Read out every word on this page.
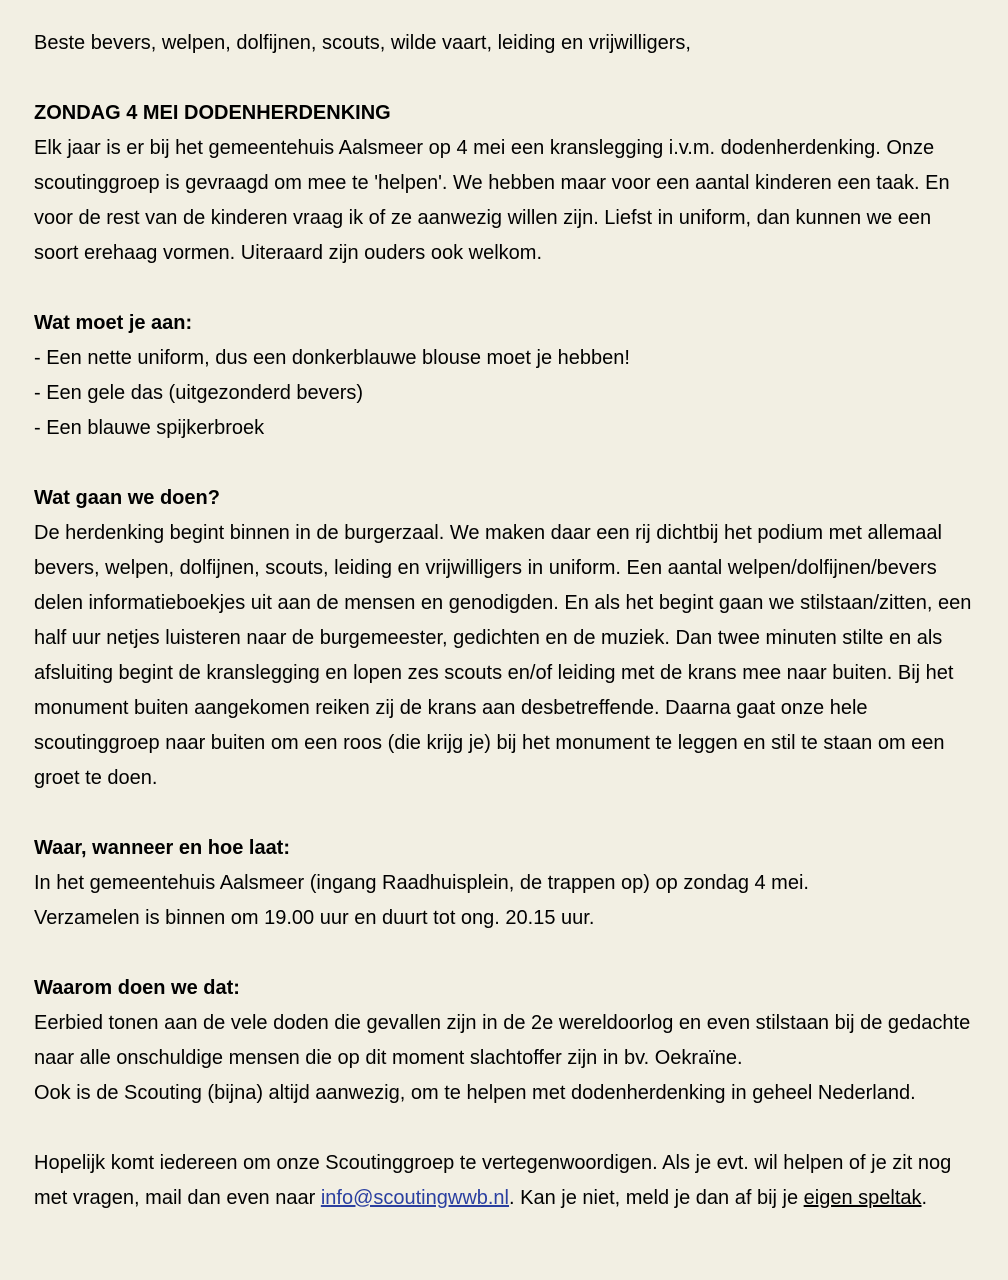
Beste bevers, welpen, dolfijnen, scouts, wilde vaart, leiding en vrijwilligers,

ZONDAG 4 MEI DODENHERDENKING

Elk jaar is er bij het gemeentehuis Aalsmeer op 4 mei een kranslegging i.v.m. dodenherdenking. Onze scoutinggroep is gevraagd om mee te 'helpen'. We hebben maar voor een aantal kinderen een taak. En voor de rest van de kinderen vraag ik of ze aanwezig willen zijn. Liefst in uniform, dan kunnen we een soort erehaag vormen. Uiteraard zijn ouders ook welkom.

Wat moet je aan:

- Een nette uniform, dus een donkerblauwe blouse moet je hebben!

- Een gele das (uitgezonderd bevers)

- Een blauwe spijkerbroek

Wat gaan we doen?

De herdenking begint binnen in de burgerzaal. We maken daar een rij dichtbij het podium met allemaal bevers, welpen, dolfijnen, scouts, leiding en vrijwilligers in uniform. Een aantal welpen/dolfijnen/bevers delen informatieboekjes uit aan de mensen en genodigden. En als het begint gaan we stilstaan/zitten, een half uur netjes luisteren naar de burgemeester, gedichten en de muziek. Dan twee minuten stilte en als afsluiting begint de kranslegging en lopen zes scouts en/of leiding met de krans mee naar buiten. Bij het monument buiten aangekomen reiken zij de krans aan desbetreffende. Daarna gaat onze hele scoutinggroep naar buiten om een roos (die krijg je) bij het monument te leggen en stil te staan om een groet te doen.

Waar, wanneer en hoe laat:

In het gemeentehuis Aalsmeer (ingang Raadhuisplein, de trappen op) op zondag 4 mei.

Verzamelen is binnen om 19.00 uur en duurt tot ong. 20.15 uur.

Waarom doen we dat:

Eerbied tonen aan de vele doden die gevallen zijn in de 2e wereldoorlog en even stilstaan bij de gedachte naar alle onschuldige mensen die op dit moment slachtoffer zijn in bv. Oekraïne.

Ook is de Scouting (bijna) altijd aanwezig, om te helpen met dodenherdenking in geheel Nederland.

Hopelijk komt iedereen om onze Scoutinggroep te vertegenwoordigen. Als je evt. wil helpen of je zit nog met vragen, mail dan even naar info@scoutingwwb.nl. Kan je niet, meld je dan af bij je eigen speltak.
